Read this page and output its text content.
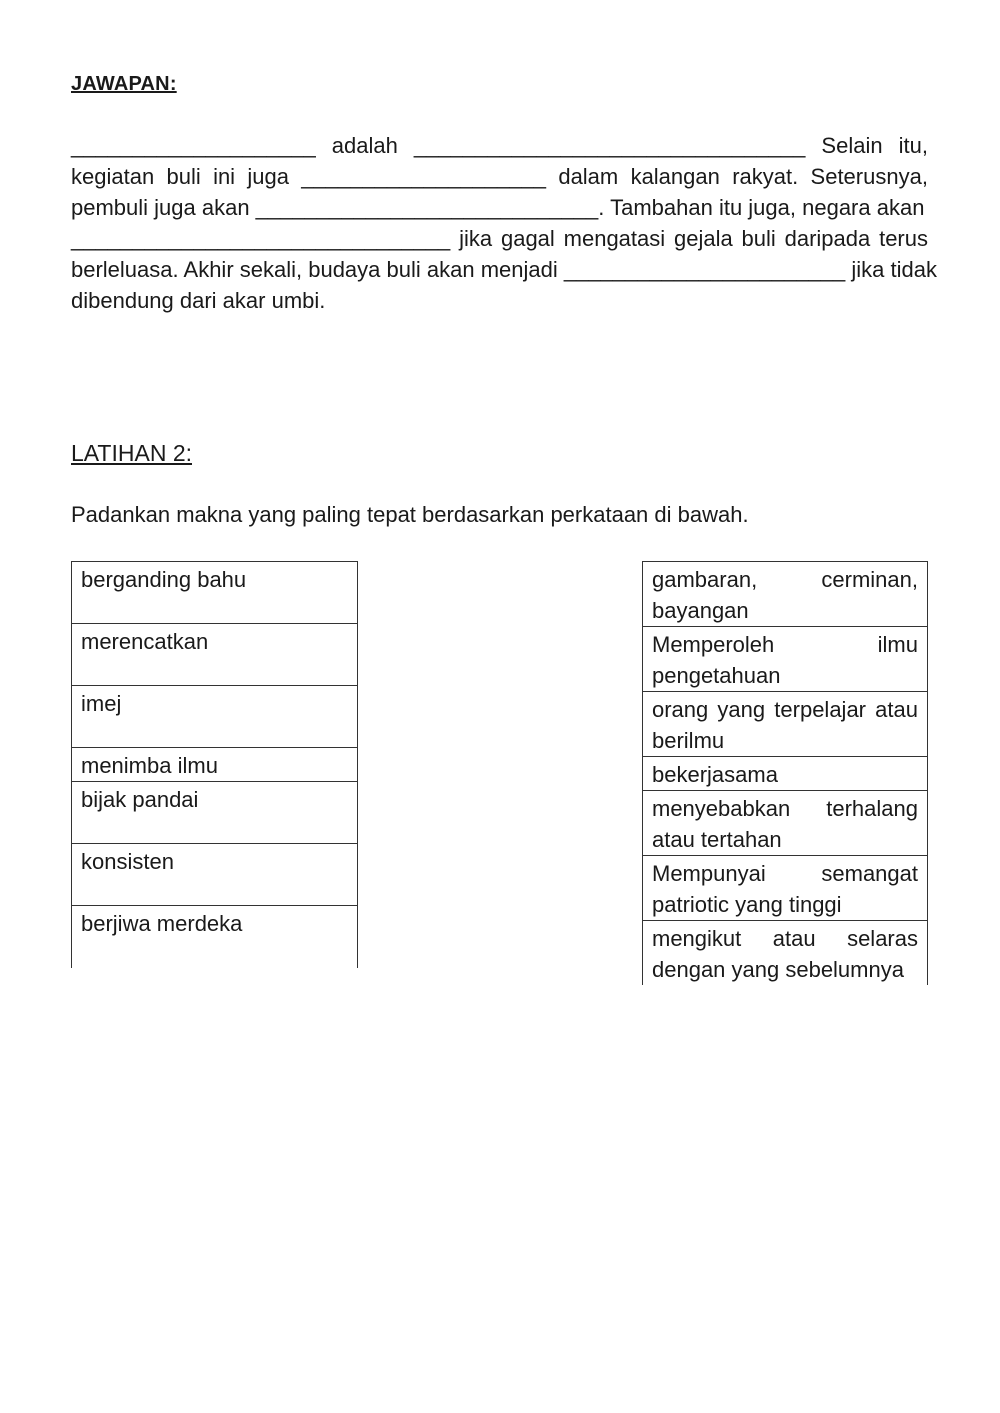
JAWAPAN:
____________________ adalah ________________________________ Selain itu,
kegiatan buli ini juga ____________________ dalam kalangan rakyat. Seterusnya,
pembuli juga akan ____________________________. Tambahan itu juga, negara akan
_______________________________ jika gagal mengatasi gejala buli daripada terus
berleluasa. Akhir sekali, budaya buli akan menjadi _______________________ jika tidak
dibendung dari akar umbi.
LATIHAN 2:
Padankan makna yang paling tepat berdasarkan perkataan di bawah.
berganding bahu
merencatkan
imej
menimba ilmu
bijak pandai
konsisten
berjiwa merdeka
gambaran, cerminan, bayangan
Memperoleh ilmu pengetahuan
orang yang terpelajar atau berilmu
bekerjasama
menyebabkan terhalang atau tertahan
Mempunyai semangat patriotic yang tinggi
mengikut atau selaras dengan yang sebelumnya
